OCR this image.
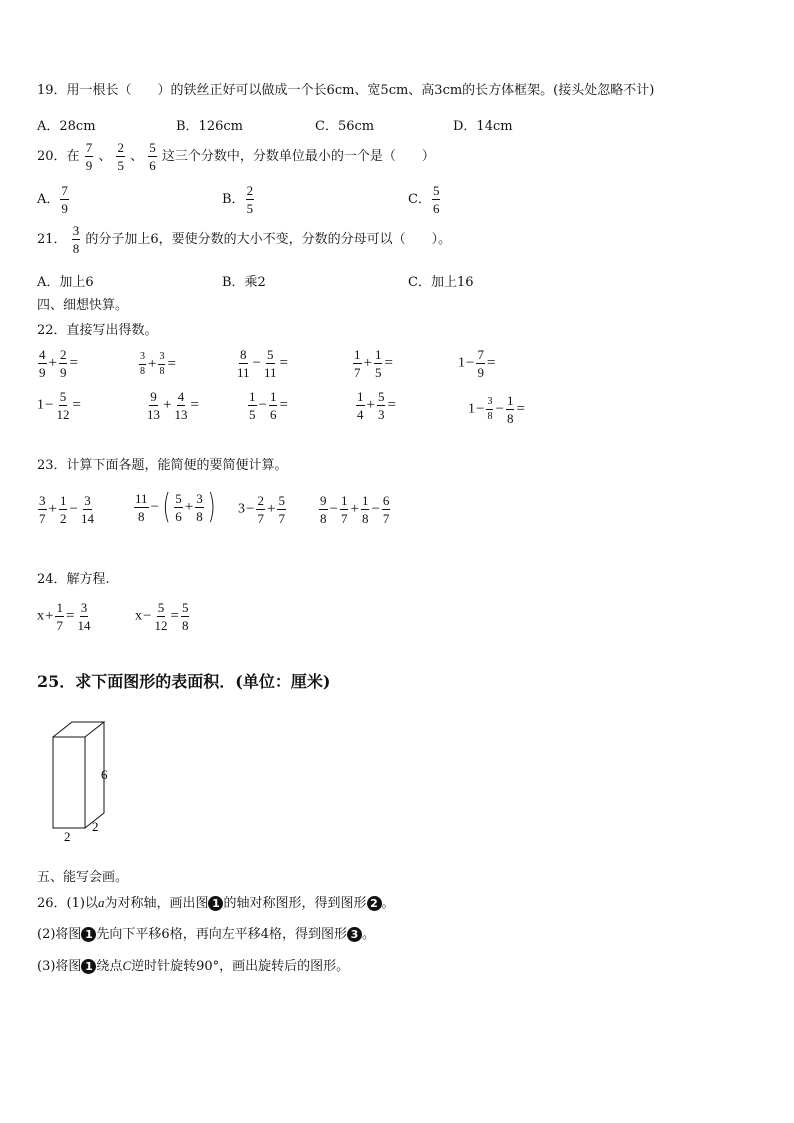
19．用一根长（　　）的铁丝正好可以做成一个长6cm、宽5cm、高3cm的长方体框架。(接头处忽略不计)
A．28cm	B．126cm	C．56cm	D．14cm
20．在 $\frac{7}{9}$ 、 $\frac{2}{5}$ 、 $\frac{5}{6}$ 这三个分数中，分数单位最小的一个是（　　）
A． $\frac{7}{9}$	B． $\frac{2}{5}$	C． $\frac{5}{6}$
21． $\frac{3}{8}$ 的分子加上6，要使分数的大小不变，分数的分母可以（　　）。
A．加上6	B．乘2	C．加上16
四、细想快算。
22．直接写出得数。
$\frac{4}{9} + \frac{2}{9}$ =	$\frac{3}{8} + \frac{3}{8}$ =	$\frac{8}{11} - \frac{5}{11}$ =	$\frac{1}{7} + \frac{1}{5}$ =	$1- \frac{7}{9}$ =
$1- \frac{5}{12}$ =	$\frac{9}{13} + \frac{4}{13}$ =	$\frac{1}{5} - \frac{1}{6}$ =	$\frac{1}{4} + \frac{5}{3}$ =	$1- \frac{3}{8} - \frac{1}{8}$ =
23．计算下面各题，能简便的要简便计算。
$\frac{3}{7} + \frac{1}{2} - \frac{3}{14}$	$\frac{11}{8}$ − ( $\frac{5}{6} + \frac{3}{8}$ ) $3- \frac{2}{7} + \frac{5}{7}$	$\frac{9}{8} - \frac{1}{7} + \frac{1}{8} - \frac{6}{7}$
24．解方程.
$x+ \frac{1}{7} = \frac{3}{14}$	$x- \frac{5}{12} = \frac{5}{8}$
25．求下面图形的表面积．(单位：厘米)
6
2
2
五、能写会画。
26．(1)以a为对称轴，画出图 1 的轴对称图形，得到图形 2 。
(2)将图 1 先向下平移6格，再向左平移4格，得到图形 3 。
(3)将图 1 绕点C逆时针旋转90°，画出旋转后的图形。
